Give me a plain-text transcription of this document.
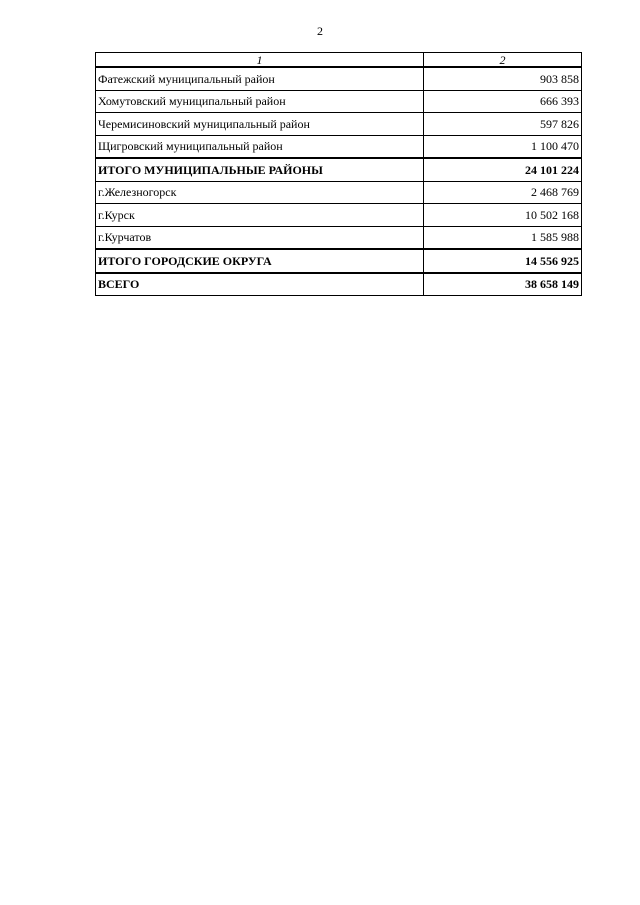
2
1	2
Фатежский муниципальный район	903 858
Хомутовский муниципальный район	666 393
Черемисиновский муниципальный район	597 826
Щигровский муниципальный район	1 100 470
ИТОГО МУНИЦИПАЛЬНЫЕ РАЙОНЫ	24 101 224
г.Железногорск	2 468 769
г.Курск	10 502 168
г.Курчатов	1 585 988
ИТОГО ГОРОДСКИЕ ОКРУГА	14 556 925
ВСЕГО	38 658 149
